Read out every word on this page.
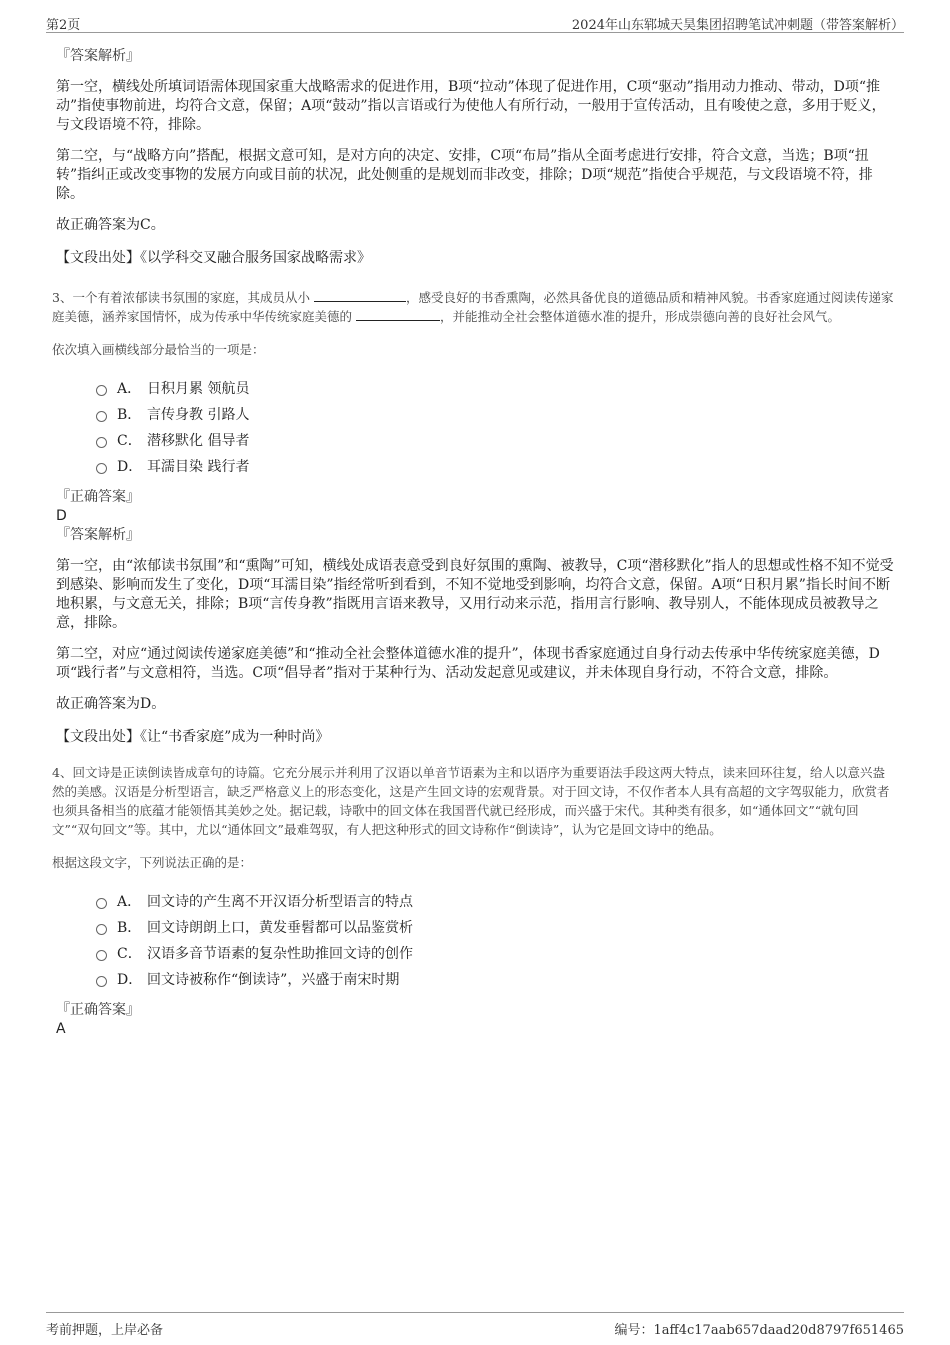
第2页	2024年山东郓城天昊集团招聘笔试冲刺题（带答案解析）

『答案解析』

第一空，横线处所填词语需体现国家重大战略需求的促进作用，B项“拉动”体现了促进作用，C项“驱动”指用动力推动、带动，D项“推动”指使事物前进，均符合文意，保留；A项“鼓动”指以言语或行为使他人有所行动，一般用于宣传活动，且有唆使之意，多用于贬义，与文段语境不符，排除。

第二空，与“战略方向”搭配，根据文意可知，是对方向的决定、安排，C项“布局”指从全面考虑进行安排，符合文意，当选；B项“扭转”指纠正或改变事物的发展方向或目前的状况，此处侧重的是规划而非改变，排除；D项“规范”指使合乎规范，与文段语境不符，排除。

故正确答案为C。

【文段出处】《以学科交叉融合服务国家战略需求》

3、一个有着浓郁读书氛围的家庭，其成员从小	，感受良好的书香熏陶，必然具备优良的道德品质和精神风貌。书香家庭通过阅读传递家庭美德，涵养家国情怀，成为传承中华传统家庭美德的	，并能推动全社会整体道德水准的提升，形成崇德向善的良好社会风气。

依次填入画横线部分最恰当的一项是：

A． 日积月累 领航员
B． 言传身教 引路人
C． 潜移默化 倡导者
D． 耳濡目染 践行者

『正确答案』

D

『答案解析』

第一空，由“浓郁读书氛围”和“熏陶”可知，横线处成语表意受到良好氛围的熏陶、被教导，C项“潜移默化”指人的思想或性格不知不觉受到感染、影响而发生了变化，D项“耳濡目染”指经常听到看到，不知不觉地受到影响，均符合文意，保留。A项“日积月累”指长时间不断地积累，与文意无关，排除；B项“言传身教”指既用言语来教导，又用行动来示范，指用言行影响、教导别人，不能体现成员被教导之意，排除。

第二空，对应“通过阅读传递家庭美德”和“推动全社会整体道德水准的提升”，体现书香家庭通过自身行动去传承中华传统家庭美德，D项“践行者”与文意相符，当选。C项“倡导者”指对于某种行为、活动发起意见或建议，并未体现自身行动，不符合文意，排除。

故正确答案为D。

【文段出处】《让“书香家庭”成为一种时尚》

4、回文诗是正读倒读皆成章句的诗篇。它充分展示并利用了汉语以单音节语素为主和以语序为重要语法手段这两大特点，读来回环往复，给人以意兴盎然的美感。汉语是分析型语言，缺乏严格意义上的形态变化，这是产生回文诗的宏观背景。对于回文诗，不仅作者本人具有高超的文字驾驭能力，欣赏者也须具备相当的底蕴才能领悟其美妙之处。据记载，诗歌中的回文体在我国晋代就已经形成，而兴盛于宋代。其种类有很多，如“通体回文”“就句回文”“双句回文”等。其中，尤以“通体回文”最难驾驭，有人把这种形式的回文诗称作“倒读诗”，认为它是回文诗中的绝品。

根据这段文字，下列说法正确的是：

A． 回文诗的产生离不开汉语分析型语言的特点
B． 回文诗朗朗上口，黄发垂髫都可以品鉴赏析
C． 汉语多音节语素的复杂性助推回文诗的创作
D． 回文诗被称作“倒读诗”，兴盛于南宋时期

『正确答案』

A

考前押题，上岸必备	编号：1aff4c17aab657daad20d8797f651465
